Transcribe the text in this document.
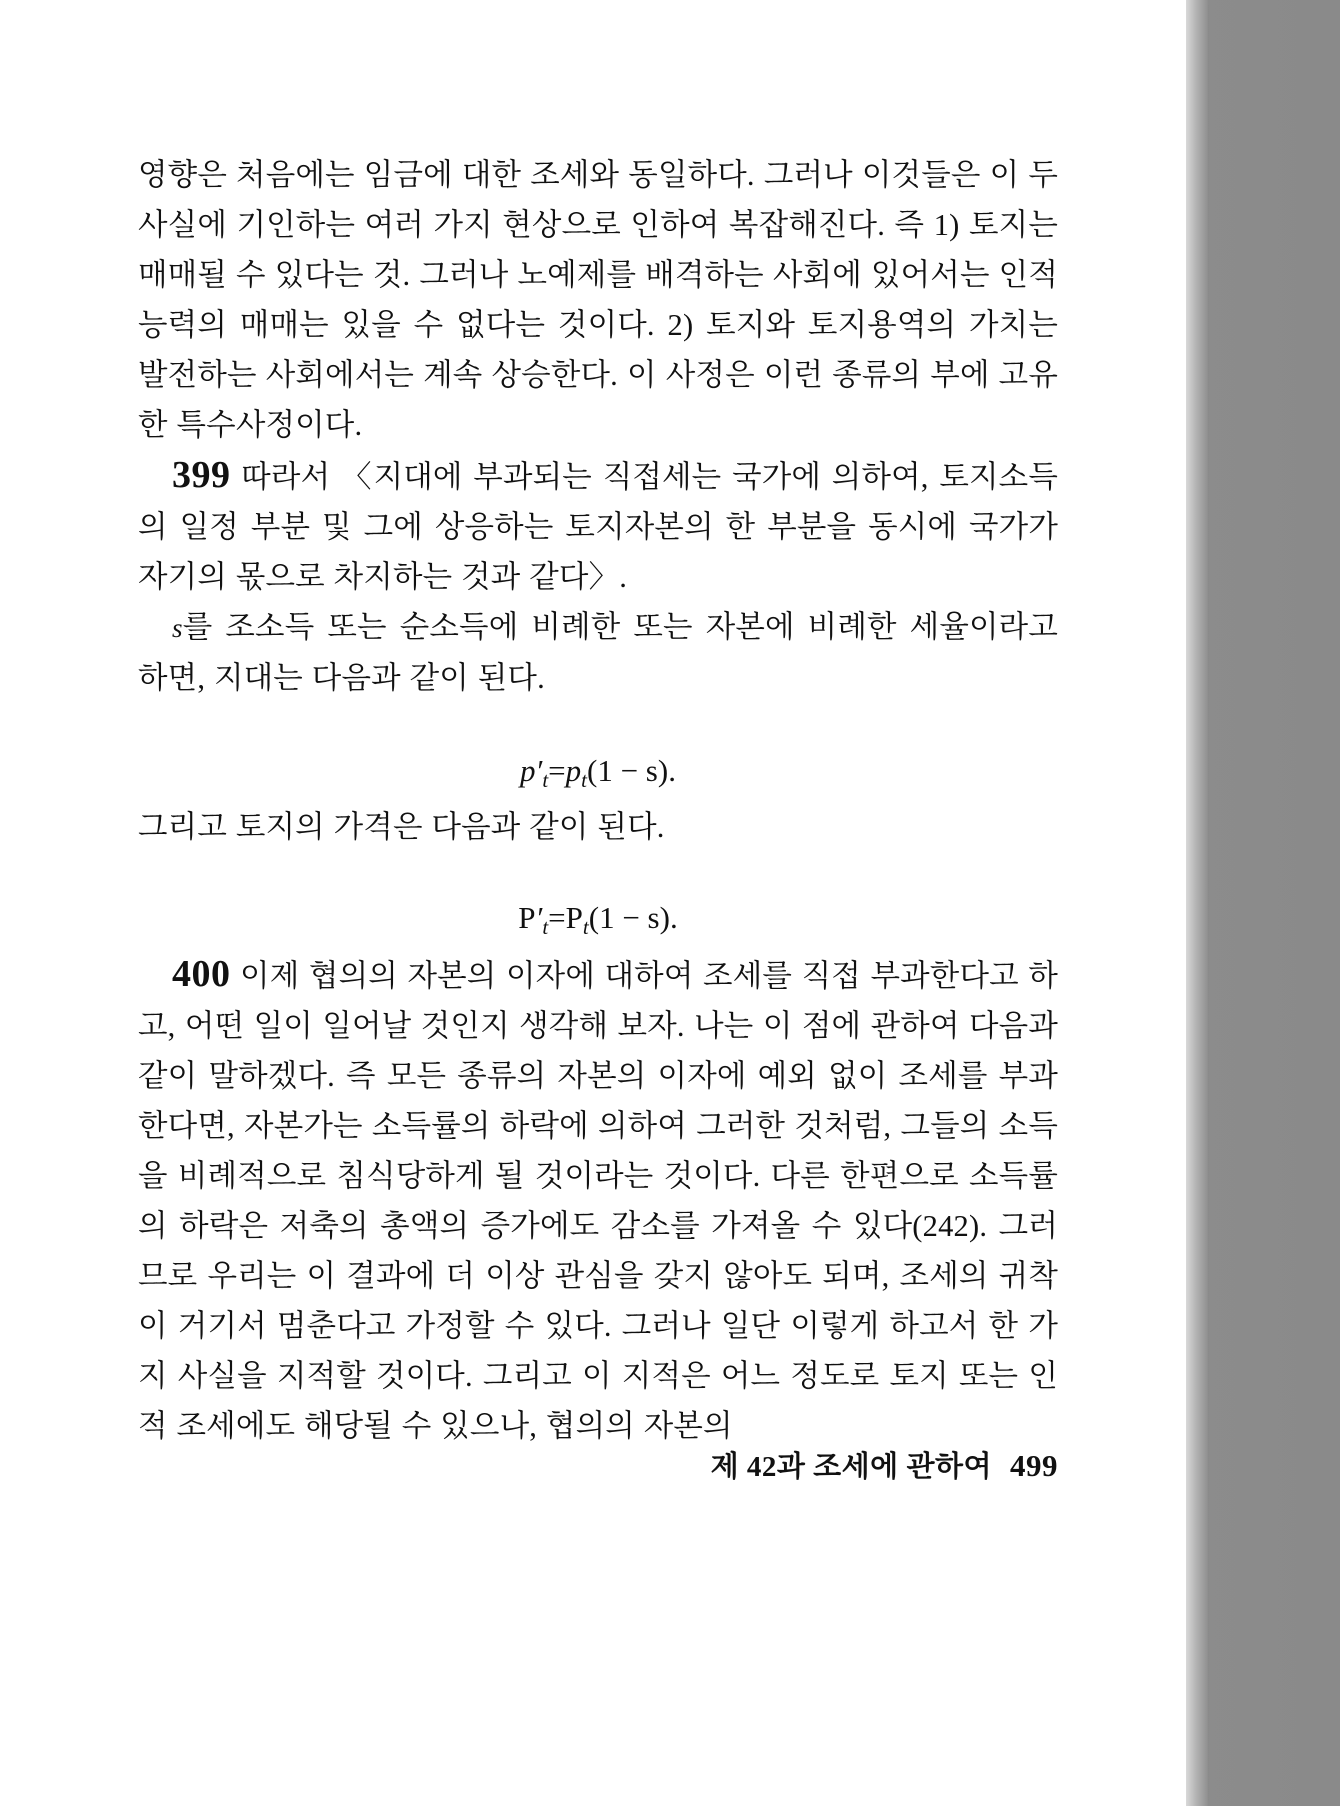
영향은 처음에는 임금에 대한 조세와 동일하다. 그러나 이것들은 이 두 사실에 기인하는 여러 가지 현상으로 인하여 복잡해진다. 즉 1) 토지는 매매될 수 있다는 것. 그러나 노예제를 배격하는 사회에 있어서는 인적 능력의 매매는 있을 수 없다는 것이다. 2) 토지와 토지용역의 가치는 발전하는 사회에서는 계속 상승한다. 이 사정은 이런 종류의 부에 고유한 특수사정이다.

399 따라서 〈지대에 부과되는 직접세는 국가에 의하여, 토지소득의 일정 부분 및 그에 상응하는 토지자본의 한 부분을 동시에 국가가 자기의 몫으로 차지하는 것과 같다〉.

s를 조소득 또는 순소득에 비례한 또는 자본에 비례한 세율이라고 하면, 지대는 다음과 같이 된다.

$p'_t=p_t(1 - s)$.

그리고 토지의 가격은 다음과 같이 된다.

$P'_t=P_t(1 - s)$.

400 이제 협의의 자본의 이자에 대하여 조세를 직접 부과한다고 하고, 어떤 일이 일어날 것인지 생각해 보자. 나는 이 점에 관하여 다음과 같이 말하겠다. 즉 모든 종류의 자본의 이자에 예외 없이 조세를 부과한다면, 자본가는 소득률의 하락에 의하여 그러한 것처럼, 그들의 소득을 비례적으로 침식당하게 될 것이라는 것이다. 다른 한편으로 소득률의 하락은 저축의 총액의 증가에도 감소를 가져올 수 있다(242). 그러므로 우리는 이 결과에 더 이상 관심을 갖지 않아도 되며, 조세의 귀착이 거기서 멈춘다고 가정할 수 있다. 그러나 일단 이렇게 하고서 한 가지 사실을 지적할 것이다. 그리고 이 지적은 어느 정도로 토지 또는 인적 조세에도 해당될 수 있으나, 협의의 자본의

제 42과 조세에 관하여 499
